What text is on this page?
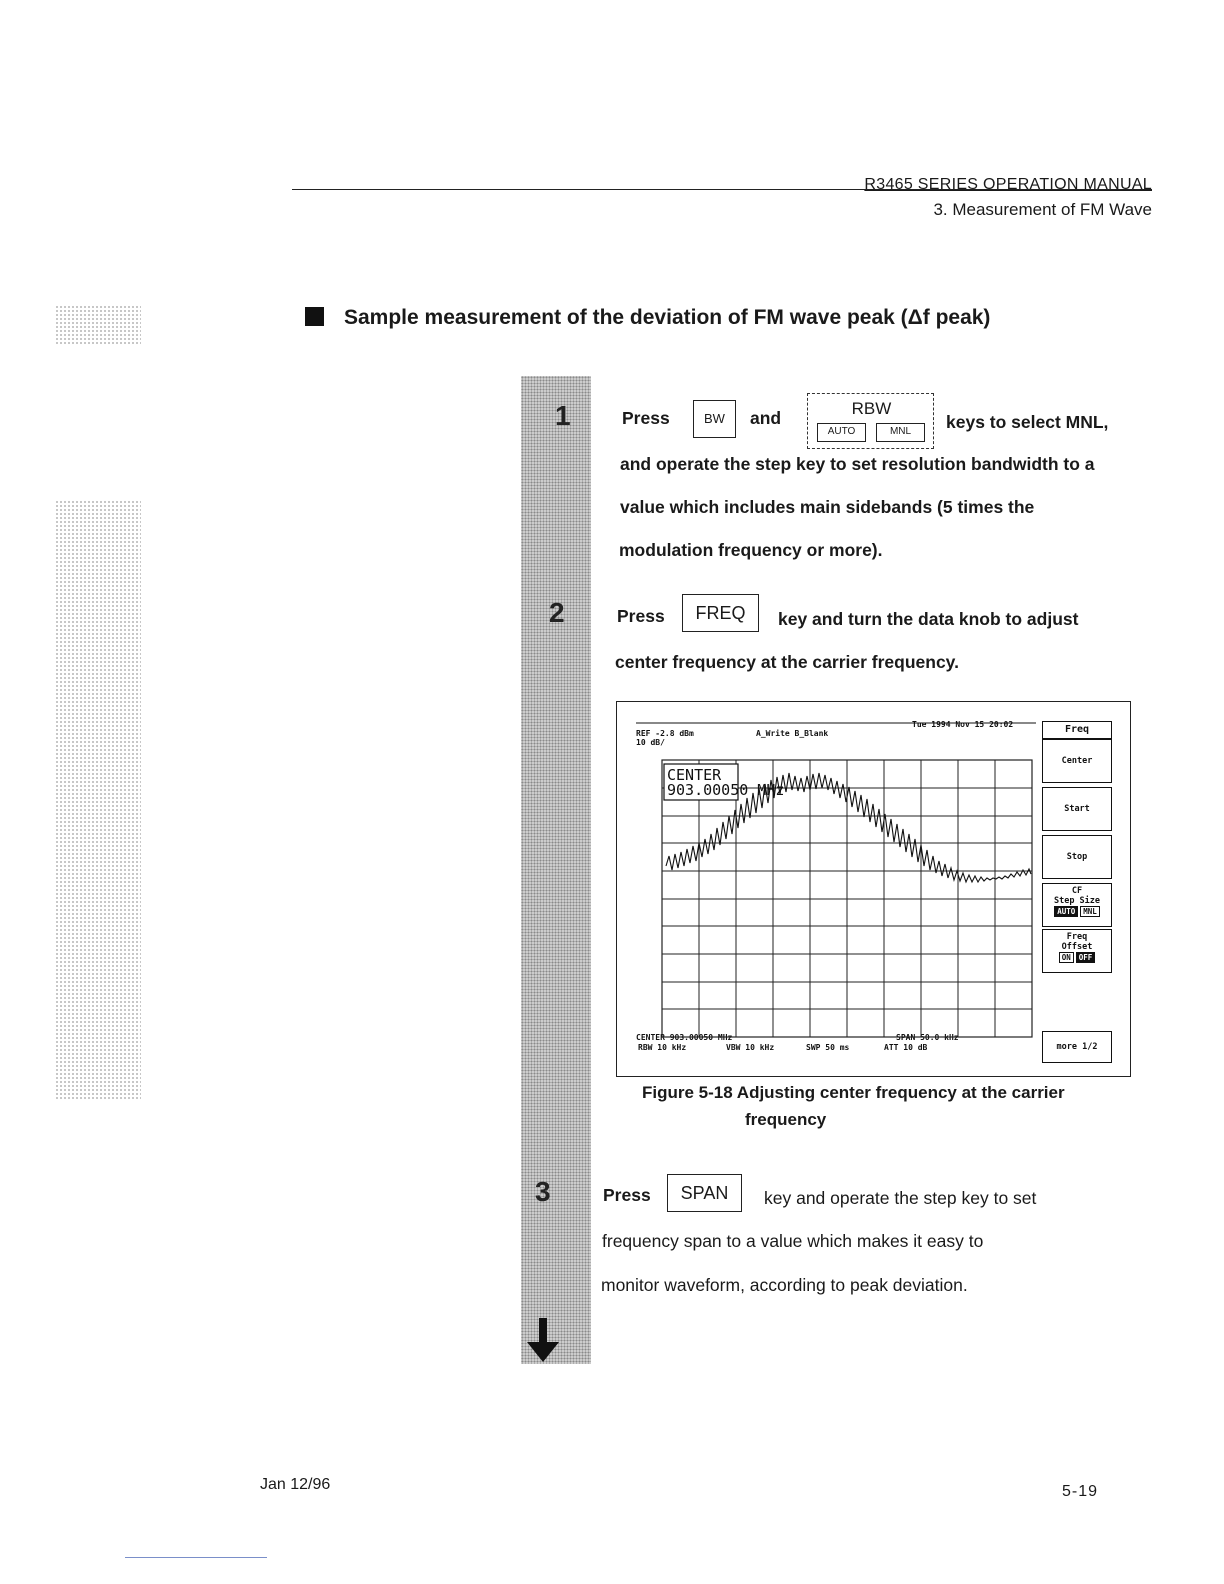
R3465 SERIES OPERATION MANUAL
3. Measurement of FM Wave
Sample measurement of the deviation of FM wave peak (Δf peak)
1
2
3
Press	BW	and	RBW
AUTO	MNL	keys to select MNL,
and operate the step key to set resolution bandwidth to a
value which includes main sidebands (5 times the
modulation frequency or more).
Press	FREQ	key and turn the data knob to adjust
center frequency at the carrier frequency.
Tue 1994 Nov 15 20:02
REF -2.8 dBm	A_Write B_Blank
10 dB/
CENTER 903.00050 MHz	SPAN 50.0 kHz
RBW 10 kHz	VBW 10 kHz	SWP 50 ms	ATT 10 dB
CENTER
903.00050 MHz
Freq
Center
Start
Stop
CF
Step Size
AUTO MNL
Freq
Offset
ON OFF
more 1/2
Figure 5-18 Adjusting center frequency at the carrier
frequency
Press	SPAN	key and operate the step key to set
frequency span to a value which makes it easy to
monitor waveform, according to peak deviation.
Jan 12/96	5-19
